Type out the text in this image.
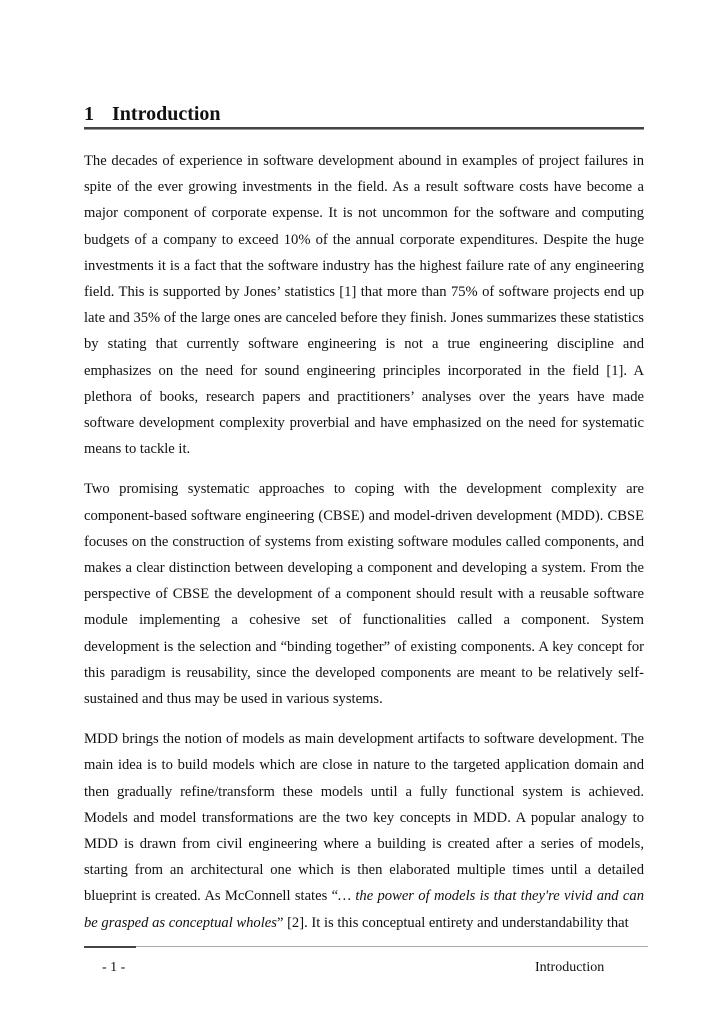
1 Introduction

The decades of experience in software development abound in examples of project failures in spite of the ever growing investments in the field. As a result software costs have become a major component of corporate expense. It is not uncommon for the software and computing budgets of a company to exceed 10% of the annual corporate expenditures. Despite the huge investments it is a fact that the software industry has the highest failure rate of any engineering field. This is supported by Jones’ statistics [1] that more than 75% of software projects end up late and 35% of the large ones are canceled before they finish. Jones summarizes these statistics by stating that currently software engineering is not a true engineering discipline and emphasizes on the need for sound engineering principles incorporated in the field [1]. A plethora of books, research papers and practitioners’ analyses over the years have made software development complexity proverbial and have emphasized on the need for systematic means to tackle it.

Two promising systematic approaches to coping with the development complexity are component-based software engineering (CBSE) and model-driven development (MDD). CBSE focuses on the construction of systems from existing software modules called components, and makes a clear distinction between developing a component and developing a system. From the perspective of CBSE the development of a component should result with a reusable software module implementing a cohesive set of functionalities called a component. System development is the selection and “binding together” of existing components. A key concept for this paradigm is reusability, since the developed components are meant to be relatively self-sustained and thus may be used in various systems.

MDD brings the notion of models as main development artifacts to software development. The main idea is to build models which are close in nature to the targeted application domain and then gradually refine/transform these models until a fully functional system is achieved. Models and model transformations are the two key concepts in MDD. A popular analogy to MDD is drawn from civil engineering where a building is created after a series of models, starting from an architectural one which is then elaborated multiple times until a detailed blueprint is created. As McConnell states “… the power of models is that they're vivid and can be grasped as conceptual wholes” [2]. It is this conceptual entirety and understandability that

- 1 -	Introduction
